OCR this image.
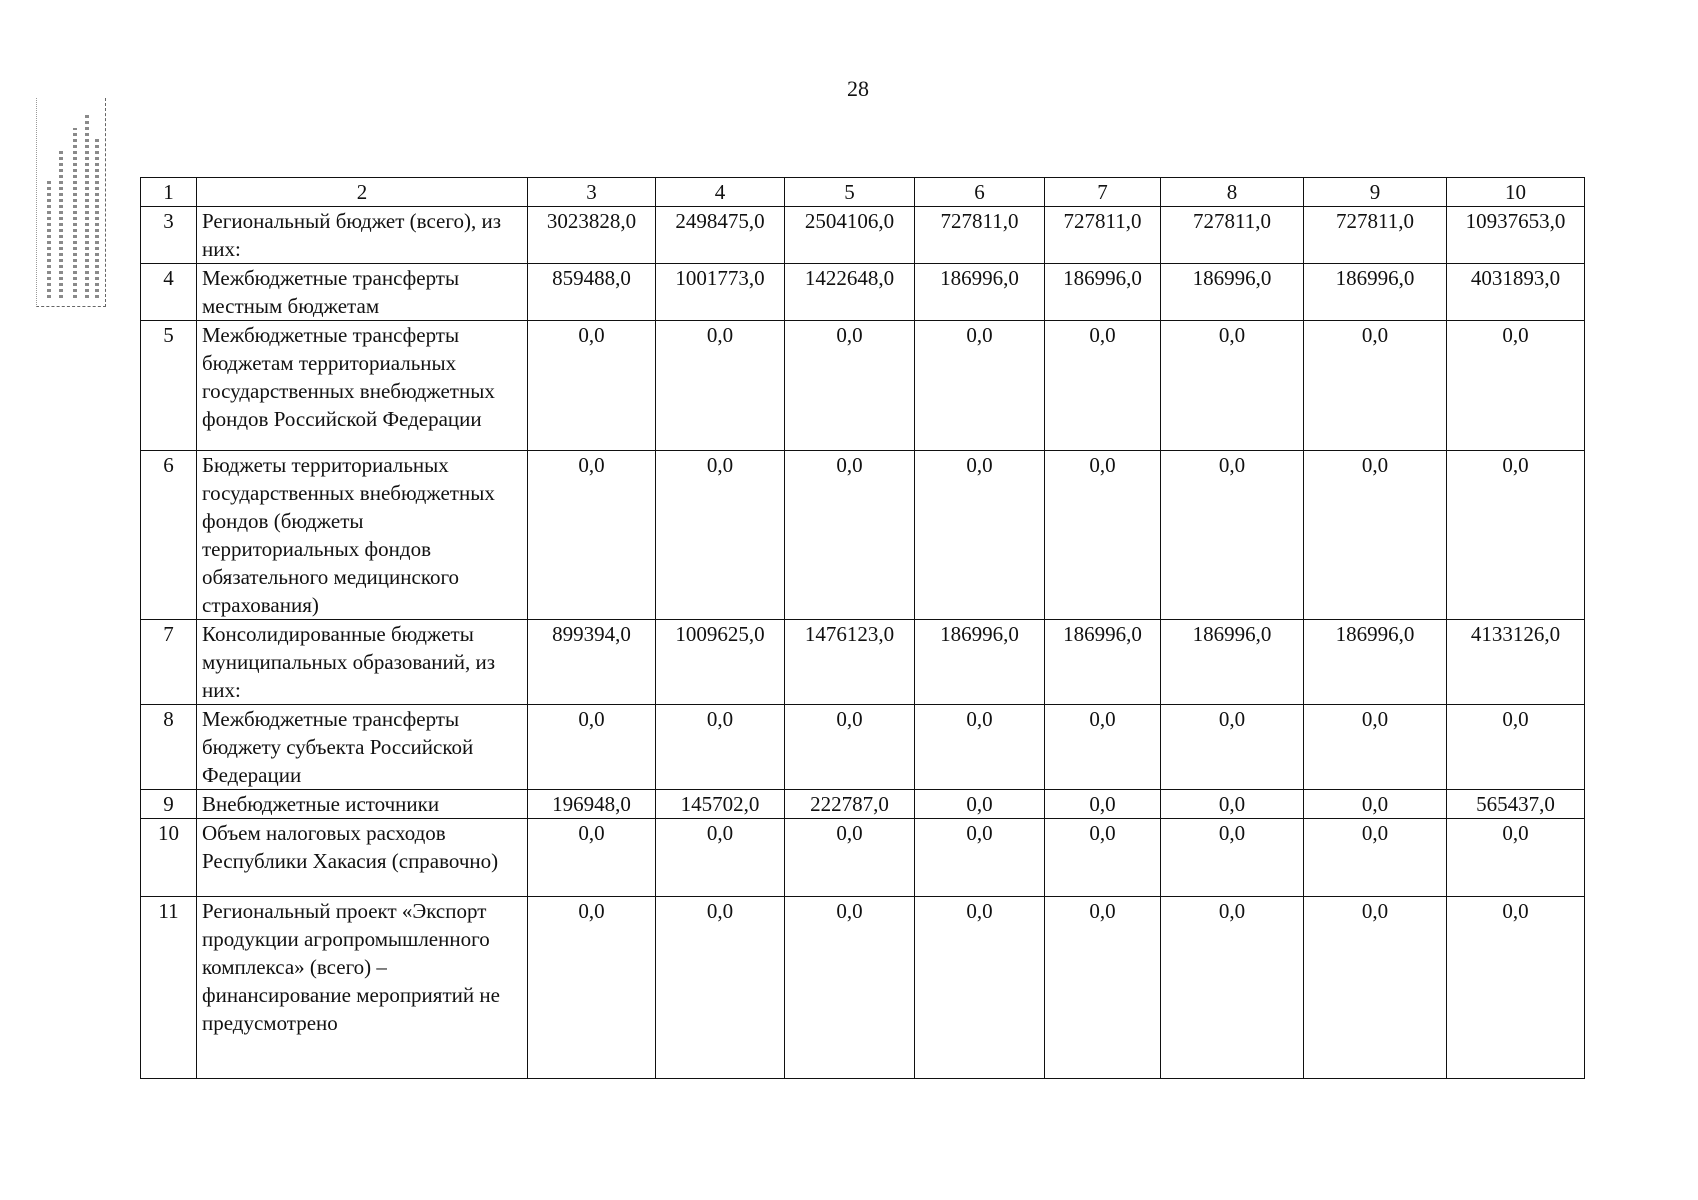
28
1	2	3	4	5	6	7	8	9	10
3	Региональный бюджет (всего), из них:	3023828,0	2498475,0	2504106,0	727811,0	727811,0	727811,0	727811,0	10937653,0
4	Межбюджетные трансферты местным бюджетам	859488,0	1001773,0	1422648,0	186996,0	186996,0	186996,0	186996,0	4031893,0
5	Межбюджетные трансферты бюджетам территориальных государственных внебюджетных фондов Российской Федерации	0,0	0,0	0,0	0,0	0,0	0,0	0,0	0,0
6	Бюджеты территориальных государственных внебюджетных фондов (бюджеты территориальных фондов обязательного медицинского страхования)	0,0	0,0	0,0	0,0	0,0	0,0	0,0	0,0
7	Консолидированные бюджеты муниципальных образований, из них:	899394,0	1009625,0	1476123,0	186996,0	186996,0	186996,0	186996,0	4133126,0
8	Межбюджетные трансферты бюджету субъекта Российской Федерации	0,0	0,0	0,0	0,0	0,0	0,0	0,0	0,0
9	Внебюджетные источники	196948,0	145702,0	222787,0	0,0	0,0	0,0	0,0	565437,0
10	Объем налоговых расходов Республики Хакасия (справочно)	0,0	0,0	0,0	0,0	0,0	0,0	0,0	0,0
11	Региональный проект «Экспорт продукции агропромышленного комплекса» (всего) – финансирование мероприятий не предусмотрено	0,0	0,0	0,0	0,0	0,0	0,0	0,0	0,0
